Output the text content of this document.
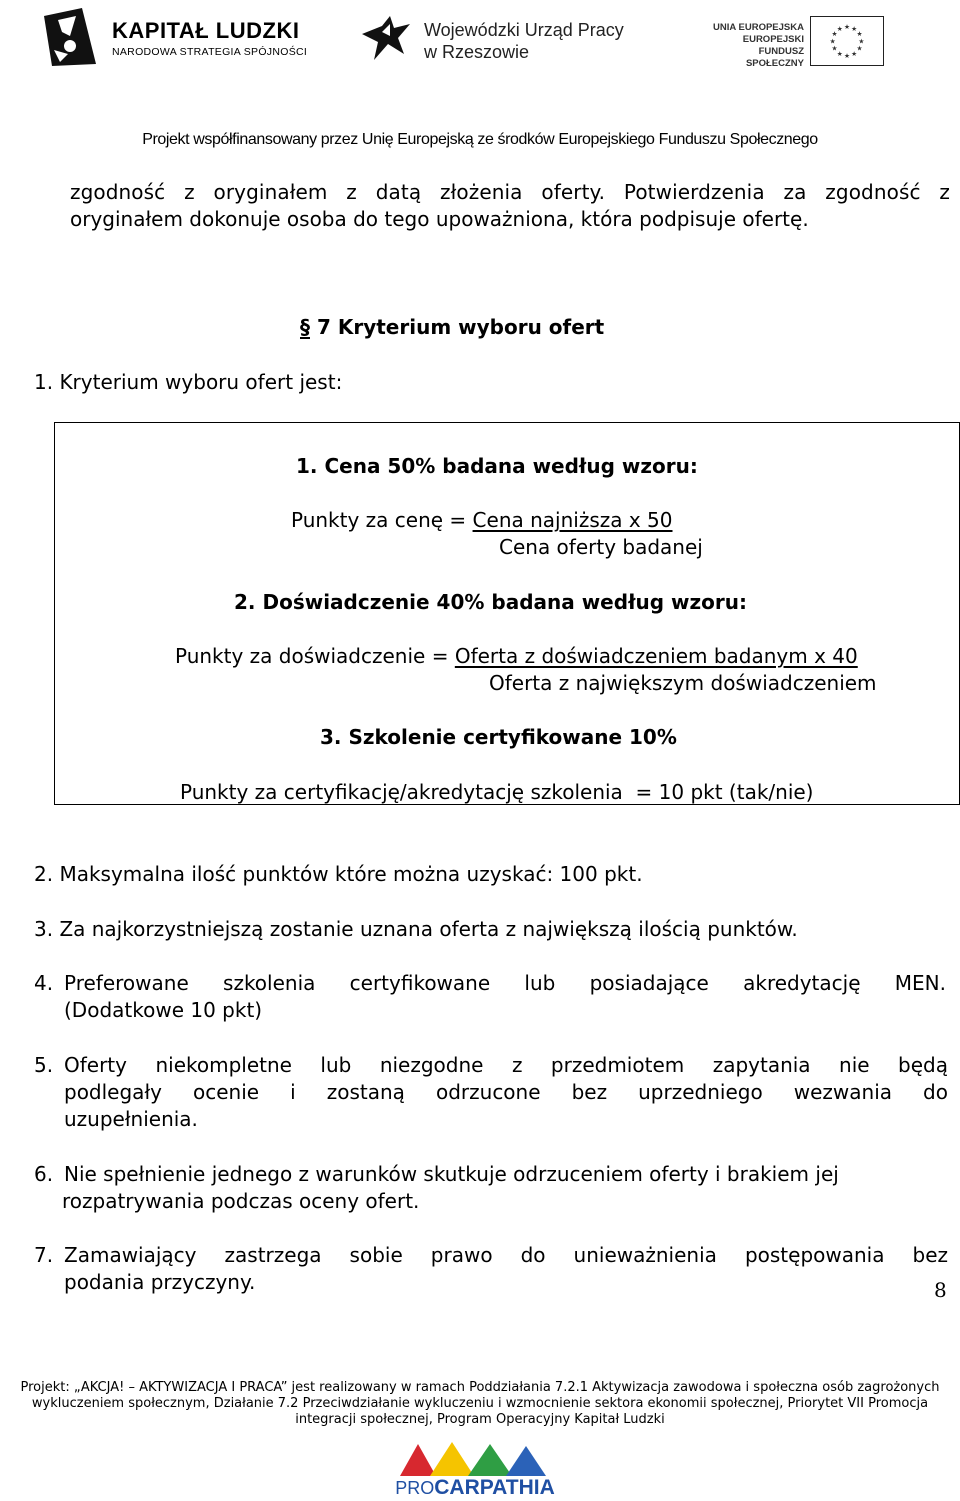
KAPITAŁ LUDZKI
NARODOWA STRATEGIA SPÓJNOŚCI
Wojewódzki Urząd Pracy
w Rzeszowie
UNIA EUROPEJSKA
EUROPEJSKI
FUNDUSZ SPOŁECZNY
★ ★
★
★
★
★
★
★
★
★
★
★
Projekt współfinansowany przez Unię Europejską ze środków Europejskiego Funduszu Społecznego
zgodność z oryginałem z datą złożenia oferty. Potwierdzenia za zgodność z
oryginałem dokonuje osoba do tego upoważniona, która podpisuje ofertę.
§ 7 Kryterium wyboru ofert
1. Kryterium wyboru ofert jest:
1. Cena 50% badana według wzoru:
Punkty za cenę = Cena najniższa x 50
Cena oferty badanej
2. Doświadczenie 40% badana według wzoru:
Punkty za doświadczenie = Oferta z doświadczeniem badanym x 40
Oferta z największym doświadczeniem
3. Szkolenie certyfikowane 10%
Punkty za certyfikację/akredytację szkolenia  = 10 pkt (tak/nie)
2. Maksymalna ilość punktów które można uzyskać: 100 pkt.
3. Za najkorzystniejszą zostanie uznana oferta z największą ilością punktów.
4. Preferowane szkolenia certyfikowane lub posiadające akredytację MEN.
(Dodatkowe 10 pkt)
5. Oferty niekompletne lub niezgodne z przedmiotem zapytania nie będą
podlegały ocenie i zostaną odrzucone bez uprzedniego wezwania do
uzupełnienia.
6. Nie spełnienie jednego z warunków skutkuje odrzuceniem oferty i brakiem jej
rozpatrywania podczas oceny ofert.
7. Zamawiający zastrzega sobie prawo do unieważnienia postępowania bez
podania przyczyny.	8
Projekt: „AKCJA! – AKTYWIZACJA I PRACA” jest realizowany w ramach Poddziałania 7.2.1 Aktywizacja zawodowa i społeczna osób zagrożonych
wykluczeniem społecznym, Działanie 7.2 Przeciwdziałanie wykluczeniu i wzmocnienie sektora ekonomii społecznej, Priorytet VII Promocja
integracji społecznej, Program Operacyjny Kapitał Ludzki
PROCARPATHIA
